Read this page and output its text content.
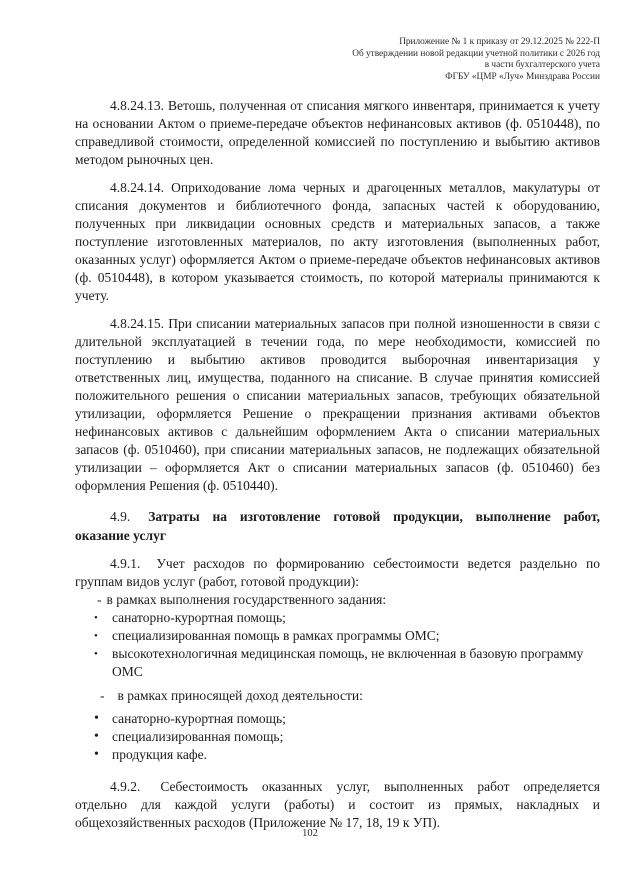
Приложение № 1 к приказу от 29.12.2025 № 222-П
Об утверждении новой редакции учетной политики с 2026 год
в части бухгалтерского учета
ФГБУ «ЦМР «Луч» Минздрава России

4.8.24.13. Ветошь, полученная от списания мягкого инвентаря, принимается к учету на основании Актом о приеме-передаче объектов нефинансовых активов (ф. 0510448), по справедливой стоимости, определенной комиссией по поступлению и выбытию активов методом рыночных цен.

4.8.24.14. Оприходование лома черных и драгоценных металлов, макулатуры от списания документов и библиотечного фонда, запасных частей к оборудованию, полученных при ликвидации основных средств и материальных запасов, а также поступление изготовленных материалов, по акту изготовления (выполненных работ, оказанных услуг) оформляется Актом о приеме-передаче объектов нефинансовых активов (ф. 0510448), в котором указывается стоимость, по которой материалы принимаются к учету.

4.8.24.15. При списании материальных запасов при полной изношенности в связи с длительной эксплуатацией в течении года, по мере необходимости, комиссией по поступлению и выбытию активов проводится выборочная инвентаризация у ответственных лиц, имущества, поданного на списание. В случае принятия комиссией положительного решения о списании материальных запасов, требующих обязательной утилизации, оформляется Решение о прекращении признания активами объектов нефинансовых активов с дальнейшим оформлением Акта о списании материальных запасов (ф. 0510460), при списании материальных запасов, не подлежащих обязательной утилизации – оформляется Акт о списании материальных запасов (ф. 0510460) без оформления Решения (ф. 0510440).

4.9. Затраты на изготовление готовой продукции, выполнение работ, оказание услуг

4.9.1. Учет расходов по формированию себестоимости ведется раздельно по группам видов услуг (работ, готовой продукции):

- в рамках выполнения государственного задания:

• санаторно-курортная помощь;
• специализированная помощь в рамках программы ОМС;
• высокотехнологичная медицинская помощь, не включенная в базовую программу ОМС

- в рамках приносящей доход деятельности:

• санаторно-курортная помощь;
• специализированная помощь;
• продукция кафе.

4.9.2. Себестоимость оказанных услуг, выполненных работ определяется отдельно для каждой услуги (работы) и состоит из прямых, накладных и общехозяйственных расходов (Приложение № 17, 18, 19 к УП).

102
